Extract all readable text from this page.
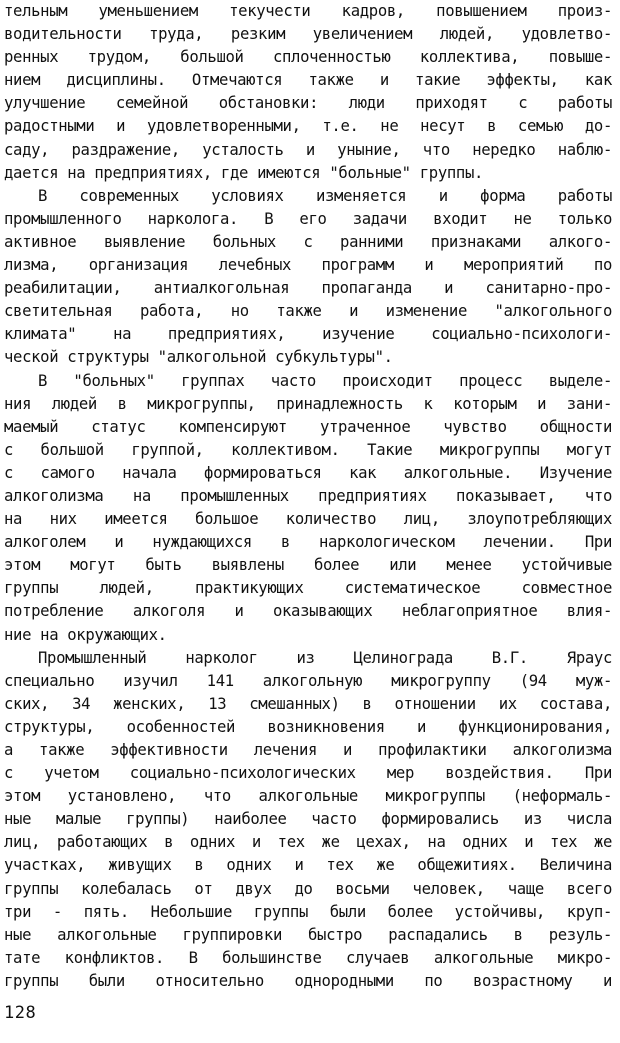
тельным уменьшением текучести кадров, повышением произ-
водительности труда, резким увеличением людей, удовлетво-
ренных трудом, большой сплоченностью коллектива, повыше-
нием дисциплины. Отмечаются также и такие эффекты, как
улучшение семейной обстановки: люди приходят с работы
радостными и удовлетворенными, т.е. не несут в семью до-
саду, раздражение, усталость и уныние, что нередко наблю-
дается на предприятиях, где имеются "больные" группы.
В современных условиях изменяется и форма работы
промышленного нарколога. В его задачи входит не только
активное выявление больных с ранними признаками алкого-
лизма, организация лечебных программ и мероприятий по
реабилитации, антиалкогольная пропаганда и санитарно-про-
светительная работа, но также и изменение "алкогольного
климата" на предприятиях, изучение социально-психологи-
ческой структуры "алкогольной субкультуры".
В "больных" группах часто происходит процесс выделе-
ния людей в микрогруппы, принадлежность к которым и зани-
маемый статус компенсируют утраченное чувство общности
с большой группой, коллективом. Такие микрогруппы могут
с самого начала формироваться как алкогольные. Изучение
алкоголизма на промышленных предприятиях показывает, что
на них имеется большое количество лиц, злоупотребляющих
алкоголем и нуждающихся в наркологическом лечении. При
этом могут быть выявлены более или менее устойчивые
группы людей, практикующих систематическое совместное
потребление алкоголя и оказывающих неблагоприятное влия-
ние на окружающих.
Промышленный нарколог из Целинограда В.Г. Яраус
специально изучил 141 алкогольную микрогруппу (94 муж-
ских, 34 женских, 13 смешанных) в отношении их состава,
структуры, особенностей возникновения и функционирования,
а также эффективности лечения и профилактики алкоголизма
с учетом социально-психологических мер воздействия. При
этом установлено, что алкогольные микрогруппы (неформаль-
ные малые группы) наиболее часто формировались из числа
лиц, работающих в одних и тех же цехах, на одних и тех же
участках, живущих в одних и тех же общежитиях. Величина
группы колебалась от двух до восьми человек, чаще всего
три - пять. Небольшие группы были более устойчивы, круп-
ные алкогольные группировки быстро распадались в резуль-
тате конфликтов. В большинстве случаев алкогольные микро-
группы были относительно однородными по возрастному и
128
